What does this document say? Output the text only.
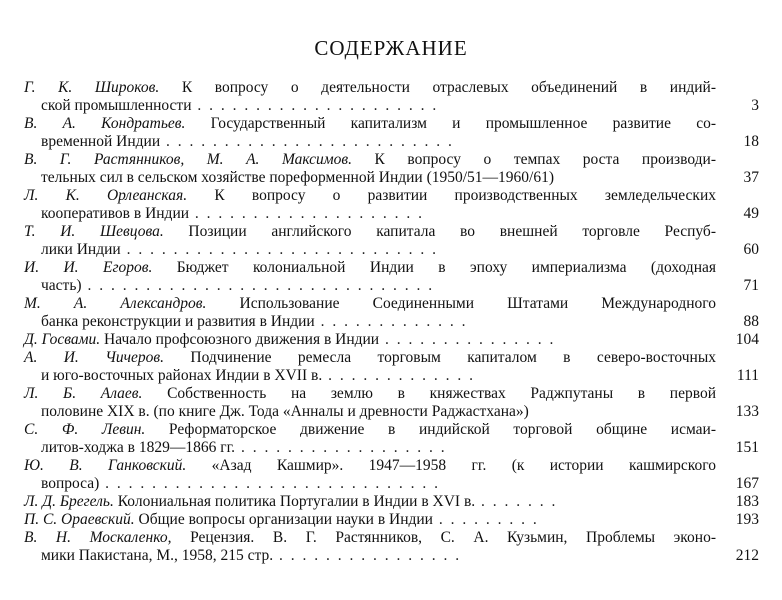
СОДЕРЖАНИЕ
Г. К. Широков. К вопросу о деятельности отраслевых объединений в индий-
ской промышленности . . . . . . . . . . . . . . . . . . . . .	3
В. А. Кондратьев. Государственный капитализм и промышленное развитие со-
временной Индии . . . . . . . . . . . . . . . . . . . . . . . . .	18
В. Г. Растянников, М. А. Максимов. К вопросу о темпах роста производи-
тельных сил в сельском хозяйстве пореформенной Индии (1950/51—1960/61)	37
Л. К. Орлеанская. К вопросу о развитии производственных земледельческих
кооперативов в Индии . . . . . . . . . . . . . . . . . . . .	49
Т. И. Шевцова. Позиции английского капитала во внешней торговле Респуб-
лики Индии . . . . . . . . . . . . . . . . . . . . . . . . . . .	60
И. И. Егоров. Бюджет колониальной Индии в эпоху империализма (доходная
часть) . . . . . . . . . . . . . . . . . . . . . . . . . . . . . .	71
М. А. Александров. Использование Соединенными Штатами Международного
банка реконструкции и развития в Индии . . . . . . . . . . . . .	88
Д. Госвами. Начало профсоюзного движения в Индии . . . . . . . . . . . . . . .	104
А. И. Чичеров. Подчинение ремесла торговым капиталом в северо-восточных
и юго-восточных районах Индии в XVII в. . . . . . . . . . . . . .	111
Л. Б. Алаев. Собственность на землю в княжествах Раджпутаны в первой
половине XIX в. (по книге Дж. Тода «Анналы и древности Раджастхана»)	133
С. Ф. Левин. Реформаторское движение в индийской торговой общине исмаи-
литов-ходжа в 1829—1866 гг. . . . . . . . . . . . . . . . . . .	151
Ю. В. Ганковский. «Азад Кашмир». 1947—1958 гг. (к истории кашмирского
вопроса) . . . . . . . . . . . . . . . . . . . . . . . . . . . . .	167
Л. Д. Брегель. Колониальная политика Португалии в Индии в XVI в. . . . . . . .	183
П. С. Ораевский. Общие вопросы организации науки в Индии . . . . . . . . .	193
В. Н. Москаленко, Рецензия. В. Г. Растянников, С. А. Кузьмин, Проблемы эконо-
мики Пакистана, М., 1958, 215 стр. . . . . . . . . . . . . . . . .	212
